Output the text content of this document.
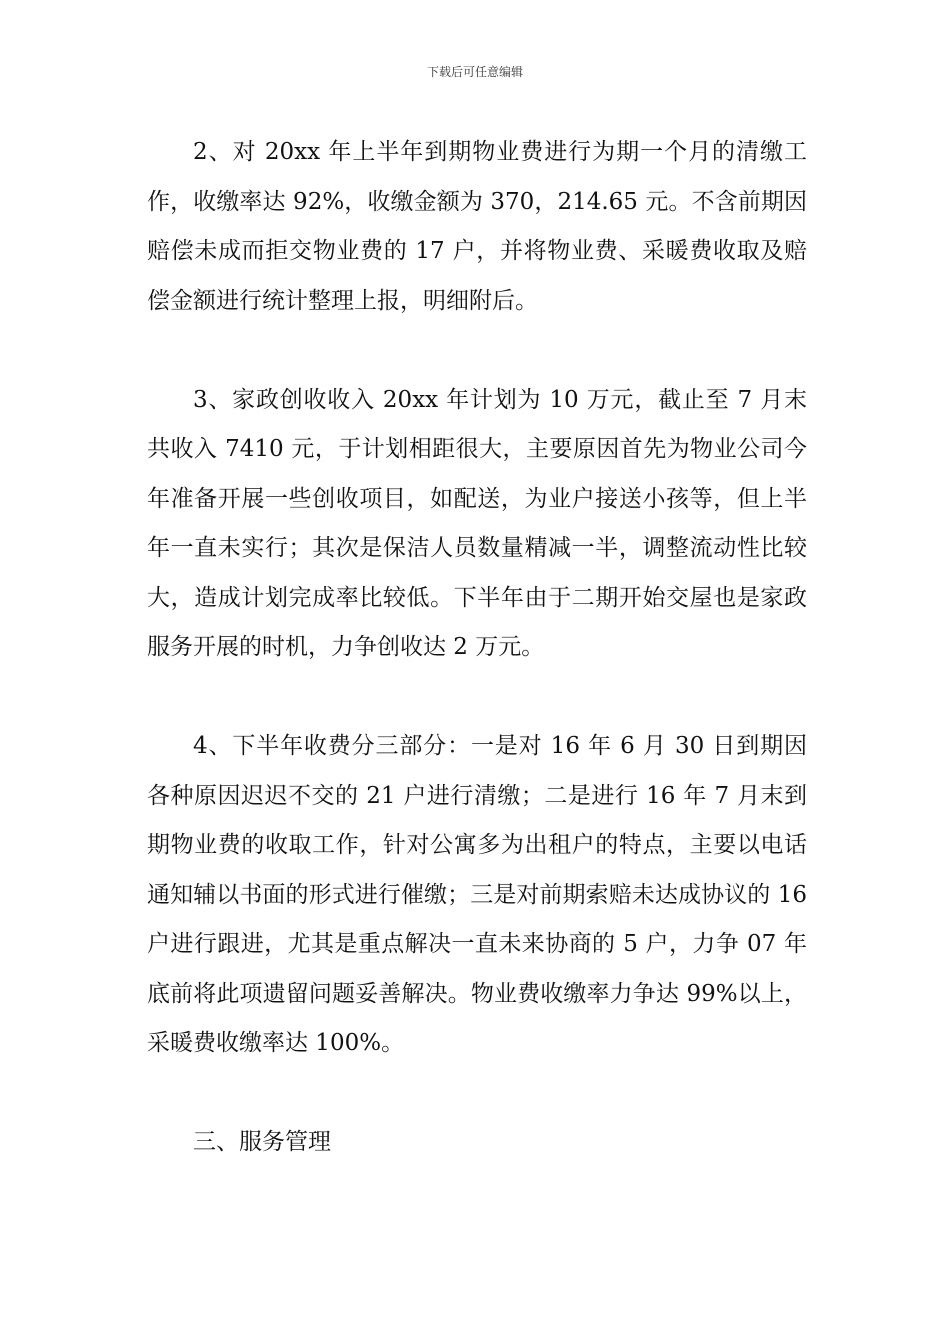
下载后可任意编辑

2、对 20xx 年上半年到期物业费进行为期一个月的清缴工作，收缴率达 92%，收缴金额为 370，214.65 元。不含前期因赔偿未成而拒交物业费的 17 户，并将物业费、采暖费收取及赔偿金额进行统计整理上报，明细附后。

3、家政创收收入 20xx 年计划为 10 万元，截止至 7 月末共收入 7410 元，于计划相距很大，主要原因首先为物业公司今年准备开展一些创收项目，如配送，为业户接送小孩等，但上半年一直未实行；其次是保洁人员数量精减一半，调整流动性比较大，造成计划完成率比较低。下半年由于二期开始交屋也是家政服务开展的时机，力争创收达 2 万元。

4、下半年收费分三部分：一是对 16 年 6 月 30 日到期因各种原因迟迟不交的 21 户进行清缴；二是进行 16 年 7 月末到期物业费的收取工作，针对公寓多为出租户的特点，主要以电话通知辅以书面的形式进行催缴；三是对前期索赔未达成协议的 16 户进行跟进，尤其是重点解决一直未来协商的 5 户，力争 07 年底前将此项遗留问题妥善解决。物业费收缴率力争达 99%以上，采暖费收缴率达 100%。

三、服务管理
